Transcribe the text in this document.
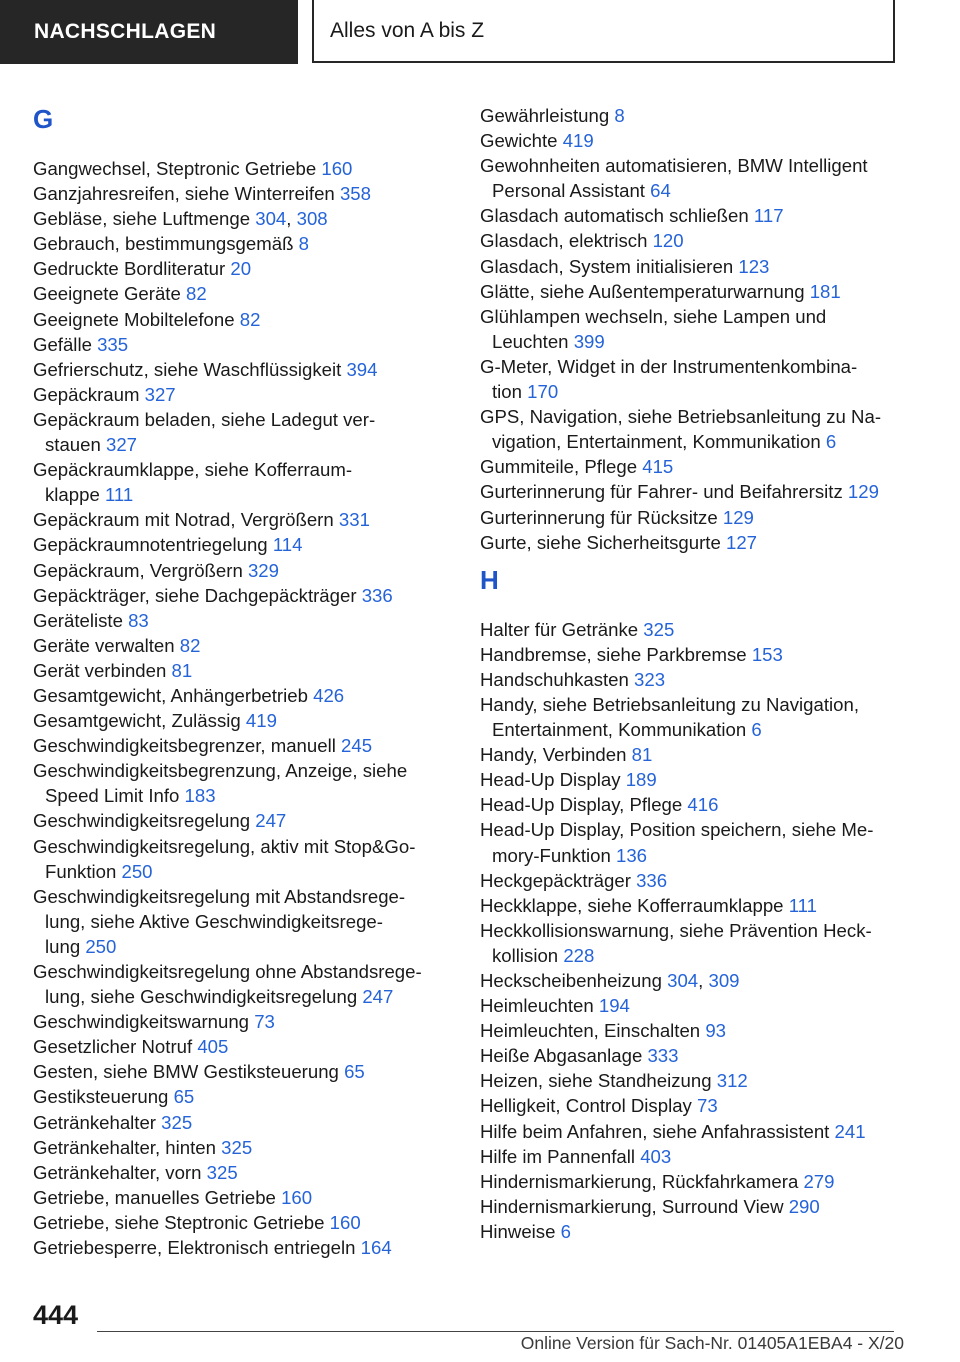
NACHSCHLAGEN	Alles von A bis Z
G
Gangwechsel, Steptronic Getriebe 160
Ganzjahresreifen, siehe Winterreifen 358
Gebläse, siehe Luftmenge 304, 308
Gebrauch, bestimmungsgemäß 8
Gedruckte Bordliteratur 20
Geeignete Geräte 82
Geeignete Mobiltelefone 82
Gefälle 335
Gefrierschutz, siehe Waschflüssigkeit 394
Gepäckraum 327
Gepäckraum beladen, siehe Ladegut ver-
stauen 327
Gepäckraumklappe, siehe Kofferraum-
klappe 111
Gepäckraum mit Notrad, Vergrößern 331
Gepäckraumnotentriegelung 114
Gepäckraum, Vergrößern 329
Gepäckträger, siehe Dachgepäckträger 336
Geräteliste 83
Geräte verwalten 82
Gerät verbinden 81
Gesamtgewicht, Anhängerbetrieb 426
Gesamtgewicht, Zulässig 419
Geschwindigkeitsbegrenzer, manuell 245
Geschwindigkeitsbegrenzung, Anzeige, siehe
Speed Limit Info 183
Geschwindigkeitsregelung 247
Geschwindigkeitsregelung, aktiv mit Stop&Go-
Funktion 250
Geschwindigkeitsregelung mit Abstandsrege-
lung, siehe Aktive Geschwindigkeitsrege-
lung 250
Geschwindigkeitsregelung ohne Abstandsrege-
lung, siehe Geschwindigkeitsregelung 247
Geschwindigkeitswarnung 73
Gesetzlicher Notruf 405
Gesten, siehe BMW Gestiksteuerung 65
Gestiksteuerung 65
Getränkehalter 325
Getränkehalter, hinten 325
Getränkehalter, vorn 325
Getriebe, manuelles Getriebe 160
Getriebe, siehe Steptronic Getriebe 160
Getriebesperre, Elektronisch entriegeln 164
Gewährleistung 8
Gewichte 419
Gewohnheiten automatisieren, BMW Intelligent
Personal Assistant 64
Glasdach automatisch schließen 117
Glasdach, elektrisch 120
Glasdach, System initialisieren 123
Glätte, siehe Außentemperaturwarnung 181
Glühlampen wechseln, siehe Lampen und
Leuchten 399
G-Meter, Widget in der Instrumentenkombina-
tion 170
GPS, Navigation, siehe Betriebsanleitung zu Na-
vigation, Entertainment, Kommunikation 6
Gummiteile, Pflege 415
Gurterinnerung für Fahrer- und Beifahrersitz 129
Gurterinnerung für Rücksitze 129
Gurte, siehe Sicherheitsgurte 127
H
Halter für Getränke 325
Handbremse, siehe Parkbremse 153
Handschuhkasten 323
Handy, siehe Betriebsanleitung zu Navigation,
Entertainment, Kommunikation 6
Handy, Verbinden 81
Head-Up Display 189
Head-Up Display, Pflege 416
Head-Up Display, Position speichern, siehe Me-
mory-Funktion 136
Heckgepäckträger 336
Heckklappe, siehe Kofferraumklappe 111
Heckkollisionswarnung, siehe Prävention Heck-
kollision 228
Heckscheibenheizung 304, 309
Heimleuchten 194
Heimleuchten, Einschalten 93
Heiße Abgasanlage 333
Heizen, siehe Standheizung 312
Helligkeit, Control Display 73
Hilfe beim Anfahren, siehe Anfahrassistent 241
Hilfe im Pannenfall 403
Hindernismarkierung, Rückfahrkamera 279
Hindernismarkierung, Surround View 290
Hinweise 6
444
Online Version für Sach-Nr. 01405A1EBA4 - X/20
